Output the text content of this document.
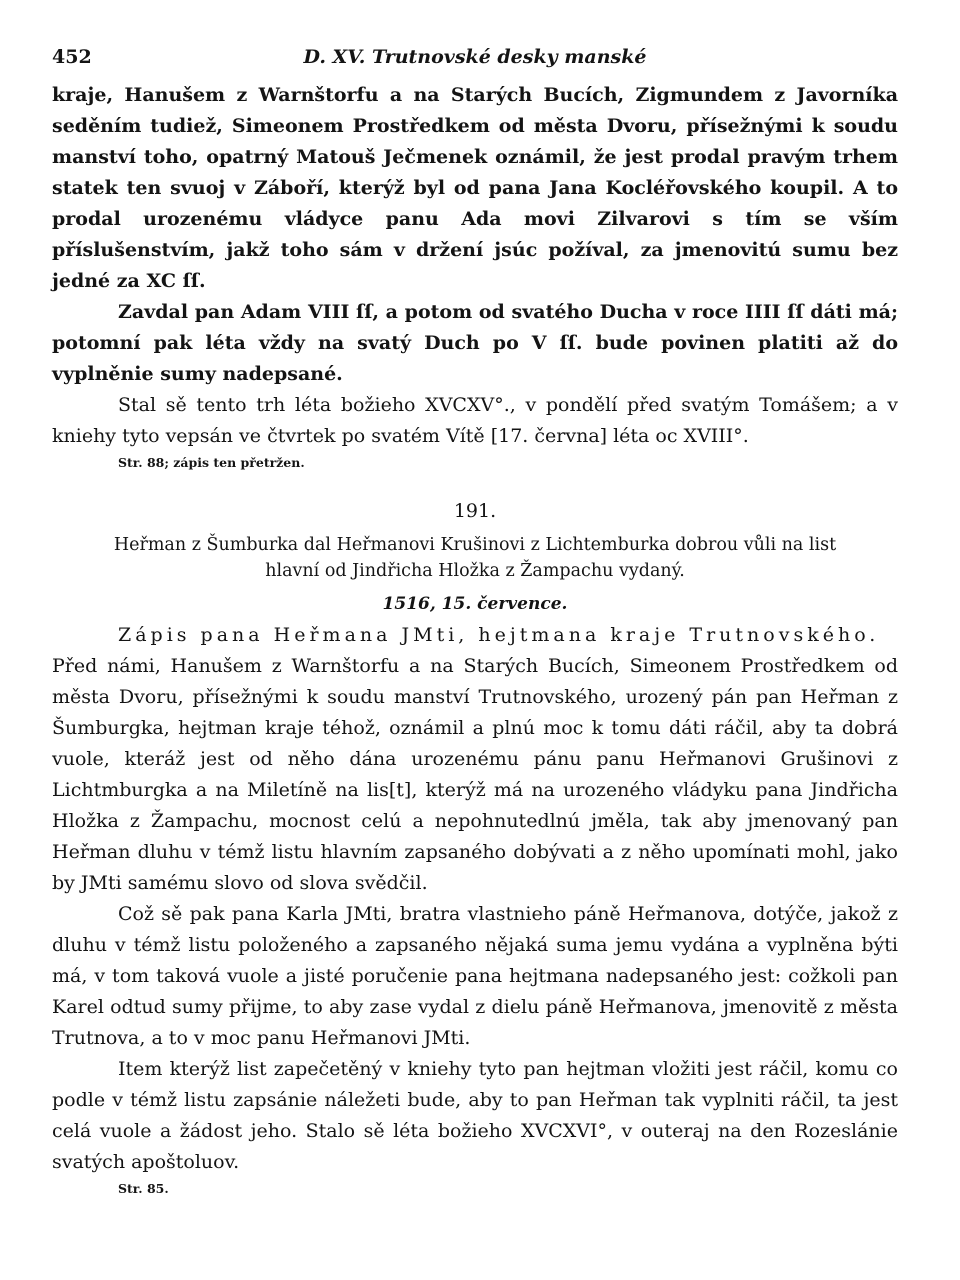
452	D. XV. Trutnovské desky manské

kraje, Hanušem z Warnštorfu a na Starých Bucích, Zigmundem z Javorníka seděním tudiež, Simeonem Prostředkem od města Dvoru, přísežnými k soudu manství toho, opatrný Matouš Ječmenek oznámil, že jest prodal pravým trhem statek ten svuoj v Záboří, kterýž byl od pana Jana Kocléřovského koupil. A to prodal urozenému vládyce panu Ada movi Zilvarovi s tím se vším příslušenstvím, jakž toho sám v držení jsúc požíval, za jmenovitú sumu bez jedné za XC ſſ.

Zavdal pan Adam VIII ſſ, a potom od svatého Ducha v roce IIII ſſ dáti má; potomní pak léta vždy na svatý Duch po V ſſ. bude povinen platiti až do vyplněnie sumy nadepsané.

Stal sě tento trh léta božieho XVCXV°., v pondělí před svatým Tomášem; a v kniehy tyto vepsán ve čtvrtek po svatém Vítě [17. června] léta oc XVIII°.

Str. 88; zápis ten přetržen.

191.
Heřman z Šumburka dal Heřmanovi Krušinovi z Lichtemburka dobrou vůli na list hlavní od Jindřicha Hložka z Žampachu vydaný.
1516, 15. července.

Zápis pana Heřmana JMti, hejtmana kraje Trutnovského.

Před námi, Hanušem z Warnštorfu a na Starých Bucích, Simeonem Prostředkem od města Dvoru, přísežnými k soudu manství Trutnovského, urozený pán pan Heřman z Šumburgka, hejtman kraje téhož, oznámil a plnú moc k tomu dáti ráčil, aby ta dobrá vuole, kteráž jest od něho dána urozenému pánu panu Heřmanovi Grušinovi z Lichtmburgka a na Miletíně na lis[t], kterýž má na urozeného vládyku pana Jindřicha Hložka z Žampachu, mocnost celú a nepohnutedlnú jměla, tak aby jmenovaný pan Heřman dluhu v témž listu hlavním zapsaného dobývati a z něho upomínati mohl, jako by JMti samému slovo od slova svědčil.

Což sě pak pana Karla JMti, bratra vlastnieho páně Heřmanova, dotýče, jakož z dluhu v témž listu položeného a zapsaného nějaká suma jemu vydána a vyplněna býti má, v tom taková vuole a jisté poručenie pana hejtmana nadepsaného jest: cožkoli pan Karel odtud sumy přijme, to aby zase vydal z dielu páně Heřmanova, jmenovitě z města Trutnova, a to v moc panu Heřmanovi JMti.

Item kterýž list zapečetěný v kniehy tyto pan hejtman vložiti jest ráčil, komu co podle v témž listu zapsánie náležeti bude, aby to pan Heřman tak vyplniti ráčil, ta jest celá vuole a žádost jeho. Stalo sě léta božieho XVCXVI°, v outeraj na den Rozeslánie svatých apoštoluov.

Str. 85.
